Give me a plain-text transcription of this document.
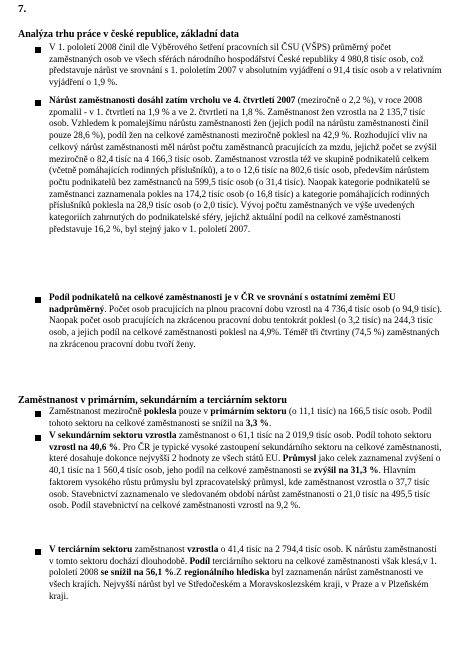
7.
Analýza trhu práce v české republice, základní data
V 1. pololetí 2008 činil dle Výběrového šetření pracovních sil ČSU (VŠPS) průměrný počet zaměstnaných osob ve všech sférách národního hospodářství České republiky 4 980,8 tisíc osob, což představuje nárůst ve srovnání s 1. pololetím 2007 v absolutním vyjádření o 91,4 tisíc osob a v relativním vyjádření o 1,9 %.
Nárůst zaměstnanosti dosáhl zatím vrcholu ve 4. čtvrtletí 2007 (meziročně o 2,2 %), v roce 2008 zpomalil - v 1. čtvrtletí na 1,9 % a ve 2. čtvrtletí na 1,8 %. Zaměstnanost žen vzrostla na 2 135,7 tisíc osob. Vzhledem k pomalejšímu nárůstu zaměstnanosti žen (jejich podíl na nárůstu zaměstnanosti činil pouze 28,6 %), podíl žen na celkové zaměstnanosti meziročně poklesl na 42,9 %. Rozhodující vliv na celkový nárůst zaměstnanosti měl nárůst počtu zaměstnanců pracujících za mzdu, jejichž počet se zvýšil meziročně o 82,4 tisíc na 4 166,3 tisíc osob. Zaměstnanost vzrostla též ve skupině podnikatelů celkem (včetně pomáhajících rodinných příslušníků), a to o 12,6 tisíc na 802,6 tisíc osob, především nárůstem počtu podnikatelů bez zaměstnanců na 599,5 tisíc osob (o 31,4 tisíc). Naopak kategorie podnikatelů se zaměstnanci zaznamenala pokles na 174,2 tisíc osob (o 16,8 tisíc) a kategorie pomáhajících rodinných příslušníků poklesla na 28,9 tisíc osob (o 2,0 tisíc). Vývoj počtu zaměstnaných ve výše uvedených kategoriích zahrnutých do podnikatelské sféry, jejichž aktuální podíl na celkové zaměstnanosti představuje 16,2 %, byl stejný jako v 1. pololetí 2007.
Podíl podnikatelů na celkové zaměstnanosti je v ČR ve srovnání s ostatními zeměmi EU nadprůměrný. Počet osob pracujících na plnou pracovní dobu vzrostl na 4 736,4 tisíc osob (o 94,9 tisíc). Naopak počet osob pracujících na zkrácenou pracovní dobu tentokrát poklesl (o 3,2 tisíc) na 244,3 tisíc osob, a jejich podíl na celkové zaměstnanosti poklesl na 4,9%. Téměř tři čtvrtiny (74,5 %) zaměstnaných na zkrácenou pracovní dobu tvoří ženy.
Zaměstnanost v primárním, sekundárním a terciárním sektoru
Zaměstnanost meziročně poklesla pouze v primárním sektoru (o 11,1 tisíc) na 166,5 tisíc osob. Podíl tohoto sektoru na celkové zaměstnanosti se snížil na 3,3 %.
V sekundárním sektoru vzrostla zaměstnanost o 61,1 tisíc na 2 019,9 tisíc osob. Podíl tohoto sektoru vzrostl na 40,6 %. Pro ČR je typické vysoké zastoupení sekundárního sektoru na celkové zaměstnanosti, které dosahuje dokonce nejvyšší 2 hodnoty ze všech států EU. Průmysl jako celek zaznamenal zvýšení o 40,1 tisíc na 1 560,4 tisíc osob, jeho podíl na celkové zaměstnanosti se zvýšil na 31,3 %. Hlavním faktorem vysokého růstu průmyslu byl zpracovatelský průmysl, kde zaměstnanost vzrostla o 37,7 tisíc osob. Stavebnictví zaznamenalo ve sledovaném období nárůst zaměstnanosti o 21,0 tisíc na 495,5 tisíc osob. Podíl stavebnictví na celkové zaměstnanosti vzrostl na 9,2 %.
V terciárním sektoru zaměstnanost vzrostla o 41,4 tisíc na 2 794,4 tisíc osob. K nárůstu zaměstnanosti v tomto sektoru dochází dlouhodobě. Podíl terciárního sektoru na celkové zaměstnanosti však klesá,v 1. pololetí 2008 se snížil na 56,1 %.Z regionálního hlediska byl zaznamenán nárůst zaměstnanosti ve všech krajích. Nejvyšší nárůst byl ve Středočeském a Moravskoslezském kraji, v Praze a v Plzeňském kraji.
